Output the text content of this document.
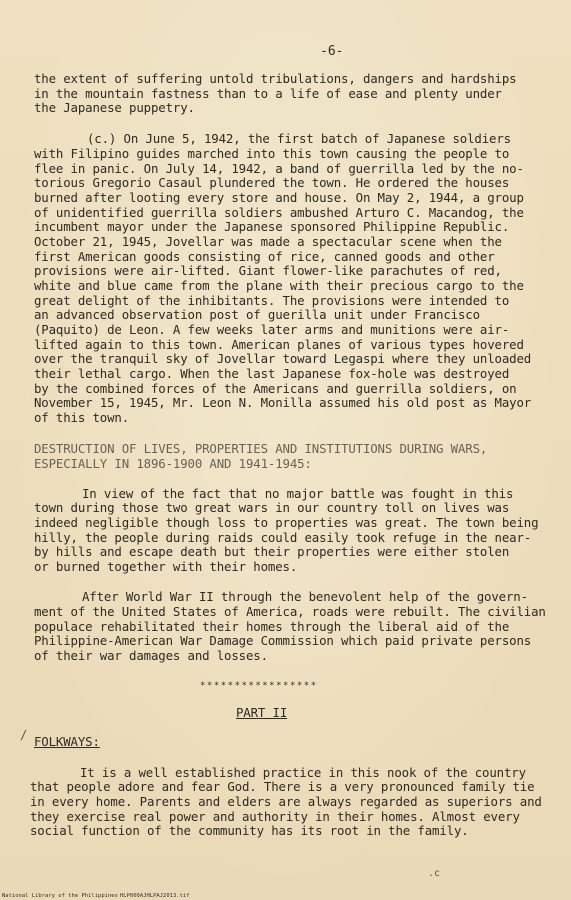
-6-
the extent of suffering untold tribulations, dangers and hardships
in the mountain fastness than to a life of ease and plenty under
the Japanese puppetry.
(c.) On June 5, 1942, the first batch of Japanese soldiers
with Filipino guides marched into this town causing the people to
flee in panic. On July 14, 1942, a band of guerrilla led by the no-
torious Gregorio Casaul plundered the town. He ordered the houses
burned after looting every store and house. On May 2, 1944, a group
of unidentified guerrilla soldiers ambushed Arturo C. Macandog, the
incumbent mayor under the Japanese sponsored Philippine Republic.
October 21, 1945, Jovellar was made a spectacular scene when the
first American goods consisting of rice, canned goods and other
provisions were air-lifted. Giant flower-like parachutes of red,
white and blue came from the plane with their precious cargo to the
great delight of the inhibitants. The provisions were intended to
an advanced observation post of guerilla unit under Francisco
(Paquito) de Leon. A few weeks later arms and munitions were air-
lifted again to this town. American planes of various types hovered
over the tranquil sky of Jovellar toward Legaspi where they unloaded
their lethal cargo. When the last Japanese fox-hole was destroyed
by the combined forces of the Americans and guerrilla soldiers, on
November 15, 1945, Mr. Leon N. Monilla assumed his old post as Mayor
of this town.
DESTRUCTION OF LIVES, PROPERTIES AND INSTITUTIONS DURING WARS,
ESPECIALLY IN 1896-1900 AND 1941-1945:
In view of the fact that no major battle was fought in this
town during those two great wars in our country toll on lives was
indeed negligible though loss to properties was great. The town being
hilly, the people during raids could easily took refuge in the near-
by hills and escape death but their properties were either stolen
or burned together with their homes.
After World War II through the benevolent help of the govern-
ment of the United States of America, roads were rebuilt. The civilian
populace rehabilitated their homes through the liberal aid of the
Philippine-American War Damage Commission which paid private persons
of their war damages and losses.
PART II
FOLKWAYS:
It is a well established practice in this nook of the country
that people adore and fear God. There is a very pronounced family tie
in every home. Parents and elders are always regarded as superiors and
they exercise real power and authority in their homes. Almost every
social function of the community has its root in the family.
*****************
/
.c
National Library of the Philippines HLP000AJHLPAJ2013.tif
